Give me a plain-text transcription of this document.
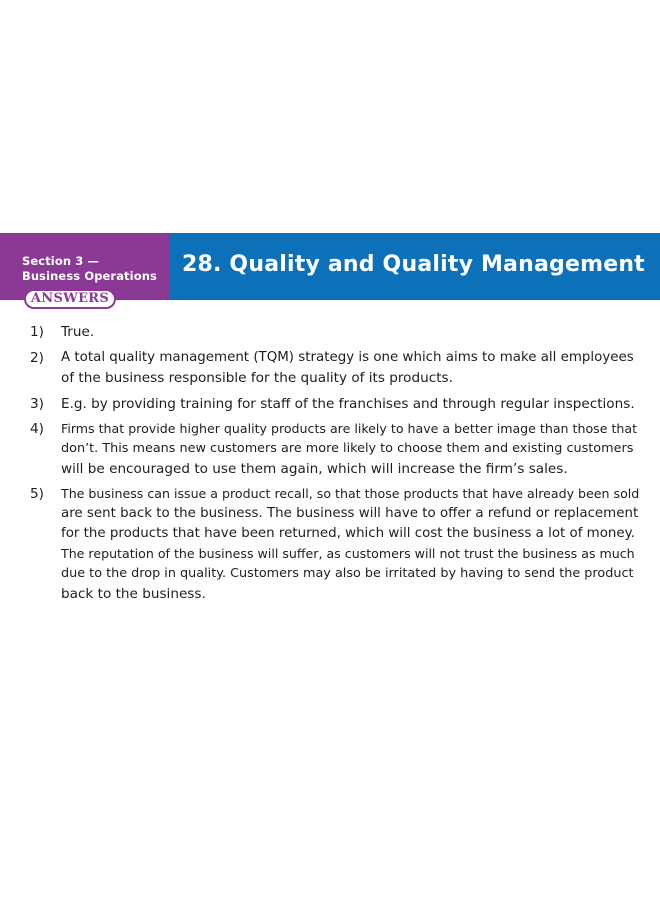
Section 3 —
Business Operations 28. Quality and Quality Management
ANSWERS
1) True.
2) A total quality management (TQM) strategy is one which aims to make all employees
of the business responsible for the quality of its products.
3) E.g. by providing training for staff of the franchises and through regular inspections.
4) Firms that provide higher quality products are likely to have a better image than those that
don’t. This means new customers are more likely to choose them and existing customers
will be encouraged to use them again, which will increase the firm’s sales.
5) The business can issue a product recall, so that those products that have already been sold
are sent back to the business. The business will have to offer a refund or replacement
for the products that have been returned, which will cost the business a lot of money.
The reputation of the business will suffer, as customers will not trust the business as much
due to the drop in quality. Customers may also be irritated by having to send the product
back to the business.
